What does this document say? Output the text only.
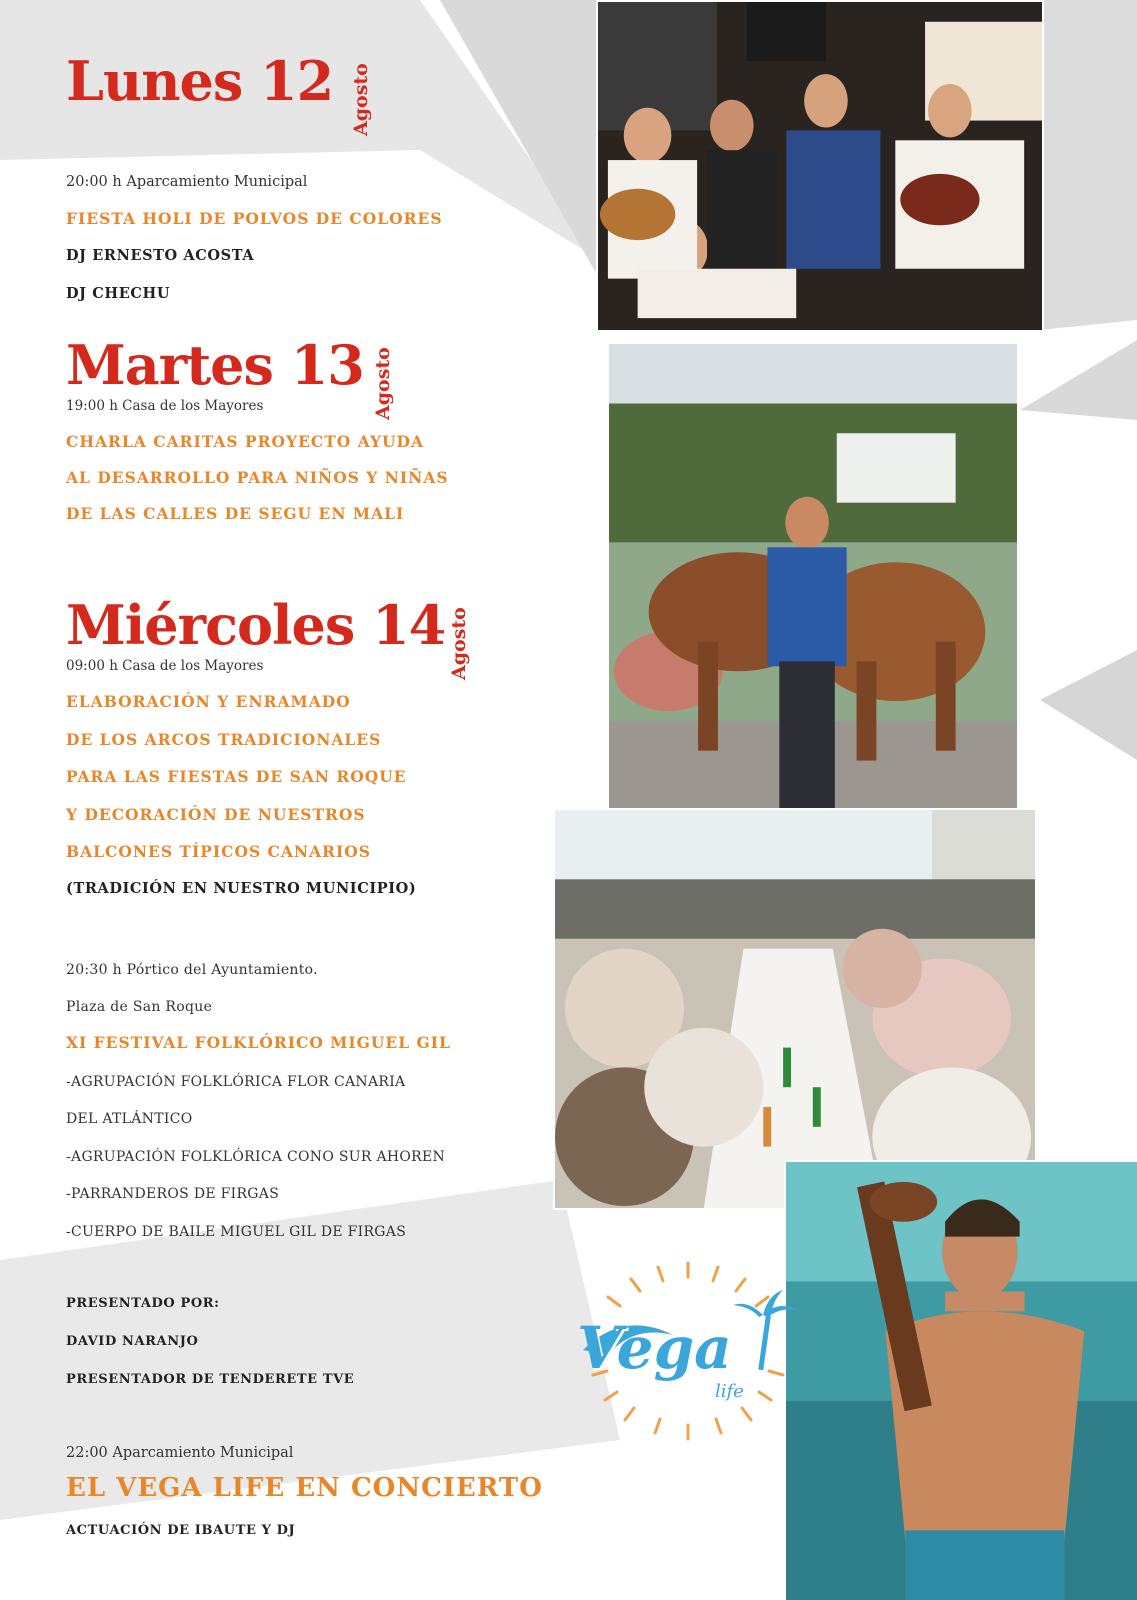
Lunes 12 Agosto
20:00 h Aparcamiento Municipal
FIESTA HOLI DE POLVOS DE COLORES
DJ ERNESTO ACOSTA
DJ CHECHU
Martes 13 Agosto
19:00 h Casa de los Mayores
CHARLA CARITAS PROYECTO AYUDA
AL DESARROLLO PARA NIÑOS Y NIÑAS
DE LAS CALLES DE SEGU EN MALI
Miércoles 14 Agosto
09:00 h Casa de los Mayores
ELABORACIÓN Y ENRAMADO
DE LOS ARCOS TRADICIONALES
PARA LAS FIESTAS DE SAN ROQUE
Y DECORACIÓN DE NUESTROS
BALCONES TÍPICOS CANARIOS
(TRADICIÓN EN NUESTRO MUNICIPIO)
20:30 h Pórtico del Ayuntamiento.
Plaza de San Roque
XI FESTIVAL FOLKLÓRICO MIGUEL GIL
-AGRUPACIÓN FOLKLÓRICA FLOR CANARIA
DEL ATLÁNTICO
-AGRUPACIÓN FOLKLÓRICA CONO SUR AHOREN
-PARRANDEROS DE FIRGAS
-CUERPO DE BAILE MIGUEL GIL DE FIRGAS
PRESENTADO POR:
DAVID NARANJO
PRESENTADOR DE TENDERETE TVE
22:00 Aparcamiento Municipal
EL VEGA LIFE EN CONCIERTO
ACTUACIÓN DE IBAUTE Y DJ
Vega
life
